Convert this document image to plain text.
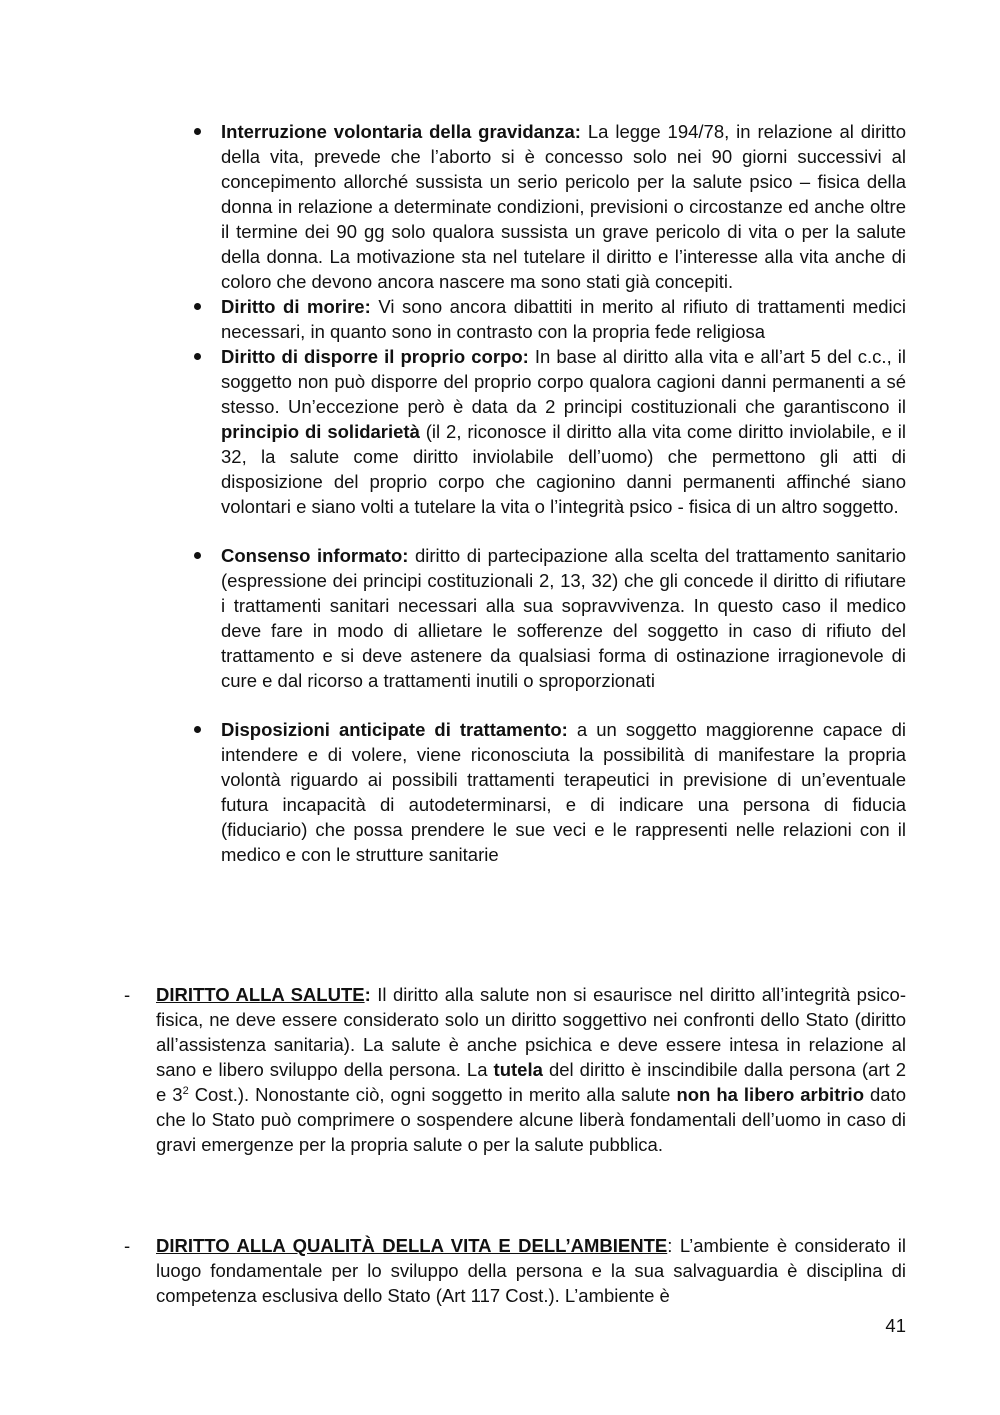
Interruzione volontaria della gravidanza: La legge 194/78, in relazione al diritto della vita, prevede che l’aborto si è concesso solo nei 90 giorni successivi al concepimento allorché sussista un serio pericolo per la salute psico – fisica della donna in relazione a determinate condizioni, previsioni o circostanze ed anche oltre il termine dei 90 gg solo qualora sussista un grave pericolo di vita o per la salute della donna. La motivazione sta nel tutelare il diritto e l’interesse alla vita anche di coloro che devono ancora nascere ma sono stati già concepiti.
Diritto di morire: Vi sono ancora dibattiti in merito al rifiuto di trattamenti medici necessari, in quanto sono in contrasto con la propria fede religiosa
Diritto di disporre il proprio corpo: In base al diritto alla vita e all’art 5 del c.c., il soggetto non può disporre del proprio corpo qualora cagioni danni permanenti a sé stesso. Un’eccezione però è data da 2 principi costituzionali che garantiscono il principio di solidarietà (il 2, riconosce il diritto alla vita come diritto inviolabile, e il 32, la salute come diritto inviolabile dell’uomo) che permettono gli atti di disposizione del proprio corpo che cagionino danni permanenti affinché siano volontari e siano volti a tutelare la vita o l’integrità psico - fisica di un altro soggetto.
Consenso informato: diritto di partecipazione alla scelta del trattamento sanitario (espressione dei principi costituzionali 2, 13, 32) che gli concede il diritto di rifiutare i trattamenti sanitari necessari alla sua sopravvivenza. In questo caso il medico deve fare in modo di allietare le sofferenze del soggetto in caso di rifiuto del trattamento e si deve astenere da qualsiasi forma di ostinazione irragionevole di cure e dal ricorso a trattamenti inutili o sproporzionati
Disposizioni anticipate di trattamento: a un soggetto maggiorenne capace di intendere e di volere, viene riconosciuta la possibilità di manifestare la propria volontà riguardo ai possibili trattamenti terapeutici in previsione di un’eventuale futura incapacità di autodeterminarsi, e di indicare una persona di fiducia (fiduciario) che possa prendere le sue veci e le rappresenti nelle relazioni con il medico e con le strutture sanitarie
- DIRITTO ALLA SALUTE: Il diritto alla salute non si esaurisce nel diritto all’integrità psico-fisica, ne deve essere considerato solo un diritto soggettivo nei confronti dello Stato (diritto all’assistenza sanitaria). La salute è anche psichica e deve essere intesa in relazione al sano e libero sviluppo della persona. La tutela del diritto è inscindibile dalla persona (art 2 e $3^2$ Cost.). Nonostante ciò, ogni soggetto in merito alla salute non ha libero arbitrio dato che lo Stato può comprimere o sospendere alcune liberà fondamentali dell’uomo in caso di gravi emergenze per la propria salute o per la salute pubblica.
- DIRITTO ALLA QUALITÀ DELLA VITA E DELL’AMBIENTE: L’ambiente è considerato il luogo fondamentale per lo sviluppo della persona e la sua salvaguardia è disciplina di competenza esclusiva dello Stato (Art 117 Cost.). L’ambiente è
41
